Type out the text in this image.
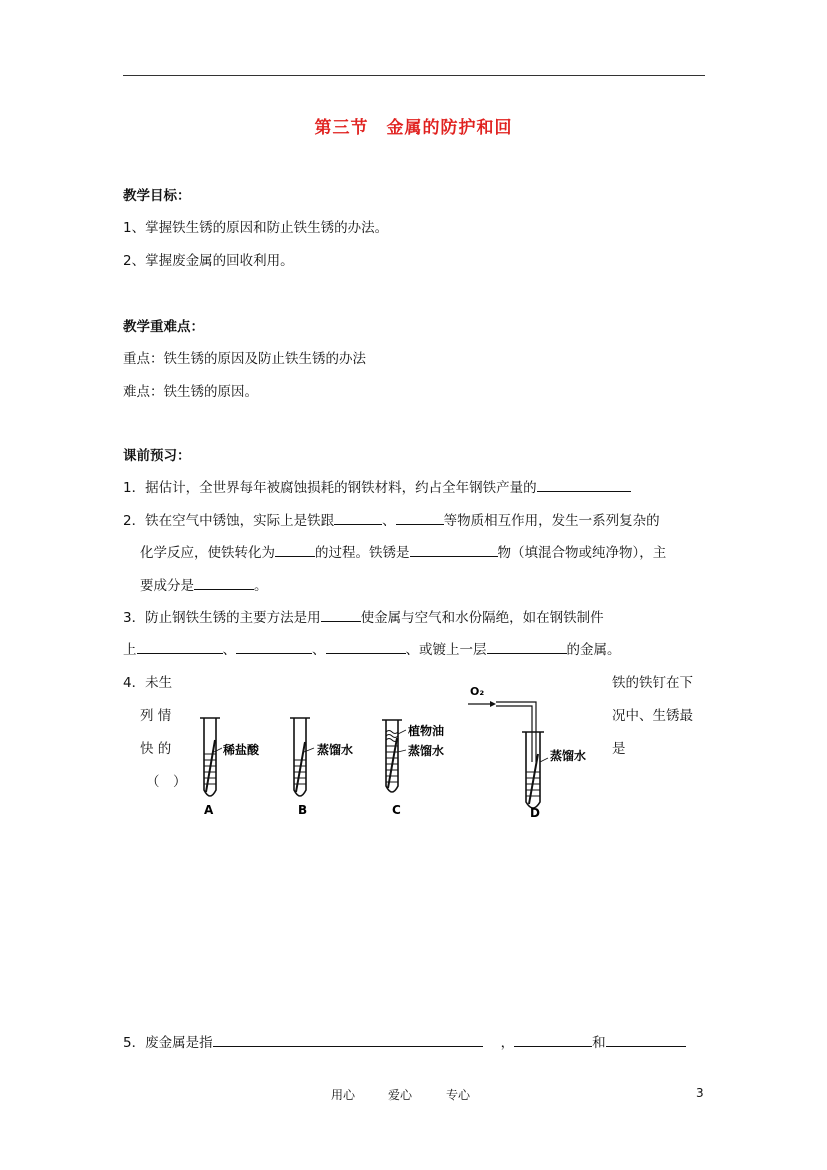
第三节　金属的防护和回
教学目标：
1、掌握铁生锈的原因和防止铁生锈的办法。
2、掌握废金属的回收利用。
教学重难点：
重点：铁生锈的原因及防止铁生锈的办法
难点：铁生锈的原因。
课前预习：
1．据估计，全世界每年被腐蚀损耗的钢铁材料，约占全年钢铁产量的
2．铁在空气中锈蚀，实际上是铁跟	、	等物质相互作用，发生一系列复杂的
化学反应，使铁转化为	的过程。铁锈是	物（填混合物或纯净物），主
要成分是	。
3．防止钢铁生锈的主要方法是用	使金属与空气和水份隔绝，如在钢铁制件
上	、	、	、或镀上一层	的金属。
4．未生
列 情
快 的
（　）
铁的铁钉在下
况中、生锈最
是
稀盐酸
A
蒸馏水
B
植物油
蒸馏水
C
O₂
蒸馏水
D
5．废金属是指	，	和
用心	爱心	专心	3
